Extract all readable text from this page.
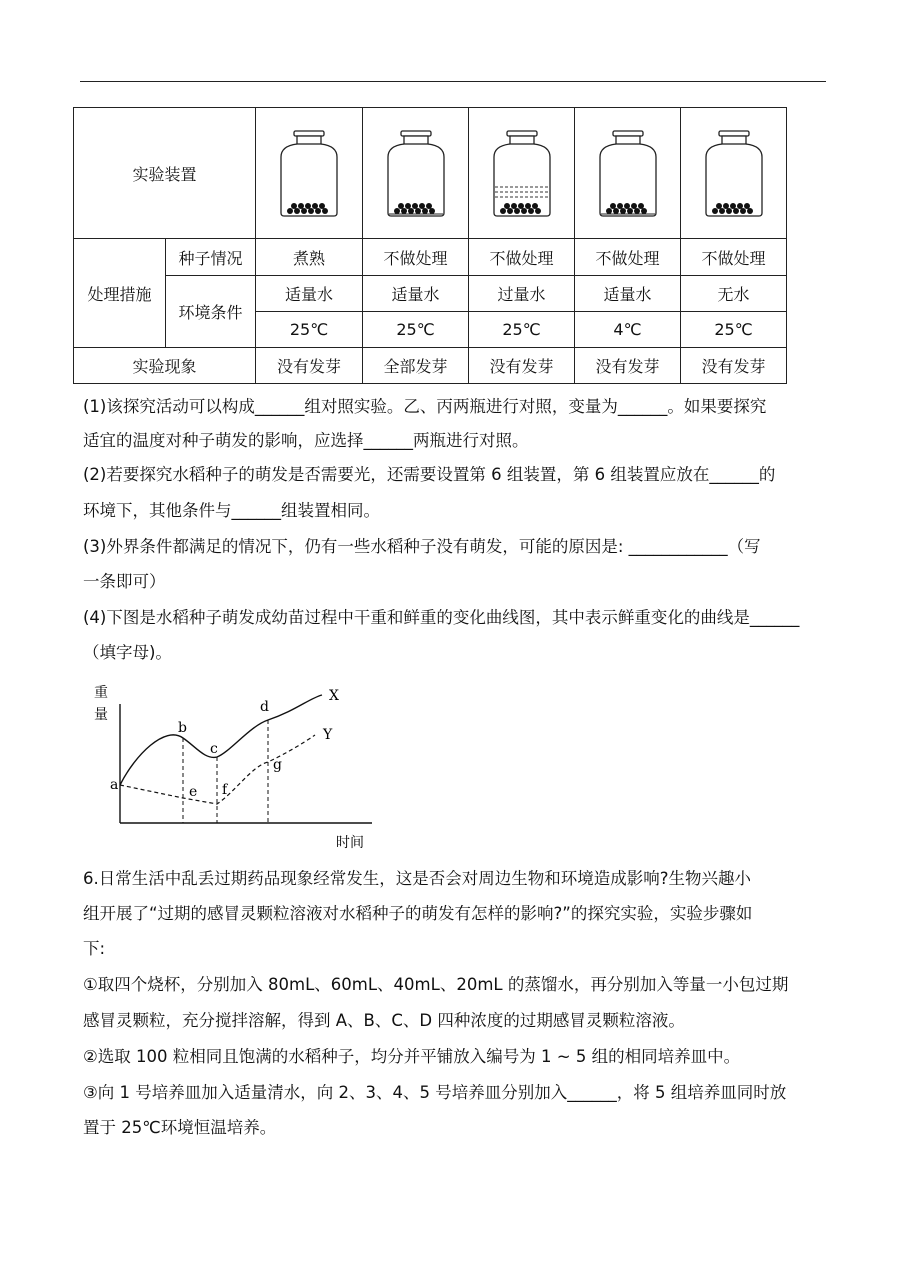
实验装置	

处理措施	种子情况	煮熟	不做处理	不做处理	不做处理	不做处理
	环境条件	适量水	适量水	过量水	适量水	无水
		25℃	25℃	25℃	4℃	25℃
实验现象		没有发芽	全部发芽	没有发芽	没有发芽	没有发芽

(1)该探究活动可以构成______组对照实验。乙、丙两瓶进行对照，变量为______。如果要探究

适宜的温度对种子萌发的影响，应选择______两瓶进行对照。

(2)若要探究水稻种子的萌发是否需要光，还需要设置第 6 组装置，第 6 组装置应放在______的

环境下，其他条件与______组装置相同。

(3)外界条件都满足的情况下，仍有一些水稻种子没有萌发，可能的原因是: ____________（写

一条即可）

(4)下图是水稻种子萌发成幼苗过程中干重和鲜重的变化曲线图，其中表示鲜重变化的曲线是______

（填字母)。

重
量
时间
X
Y
a
b
c
d
e f
g

6.日常生活中乱丢过期药品现象经常发生，这是否会对周边生物和环境造成影响?生物兴趣小

组开展了“过期的感冒灵颗粒溶液对水稻种子的萌发有怎样的影响?”的探究实验，实验步骤如

下:

①取四个烧杯，分别加入 80mL、60mL、40mL、20mL 的蒸馏水，再分别加入等量一小包过期

感冒灵颗粒，充分搅拌溶解，得到 A、B、C、D 四种浓度的过期感冒灵颗粒溶液。

②选取 100 粒相同且饱满的水稻种子，均分并平铺放入编号为 1 ~ 5 组的相同培养皿中。

③向 1 号培养皿加入适量清水，向 2、3、4、5 号培养皿分别加入______，将 5 组培养皿同时放

置于 25℃环境恒温培养。
